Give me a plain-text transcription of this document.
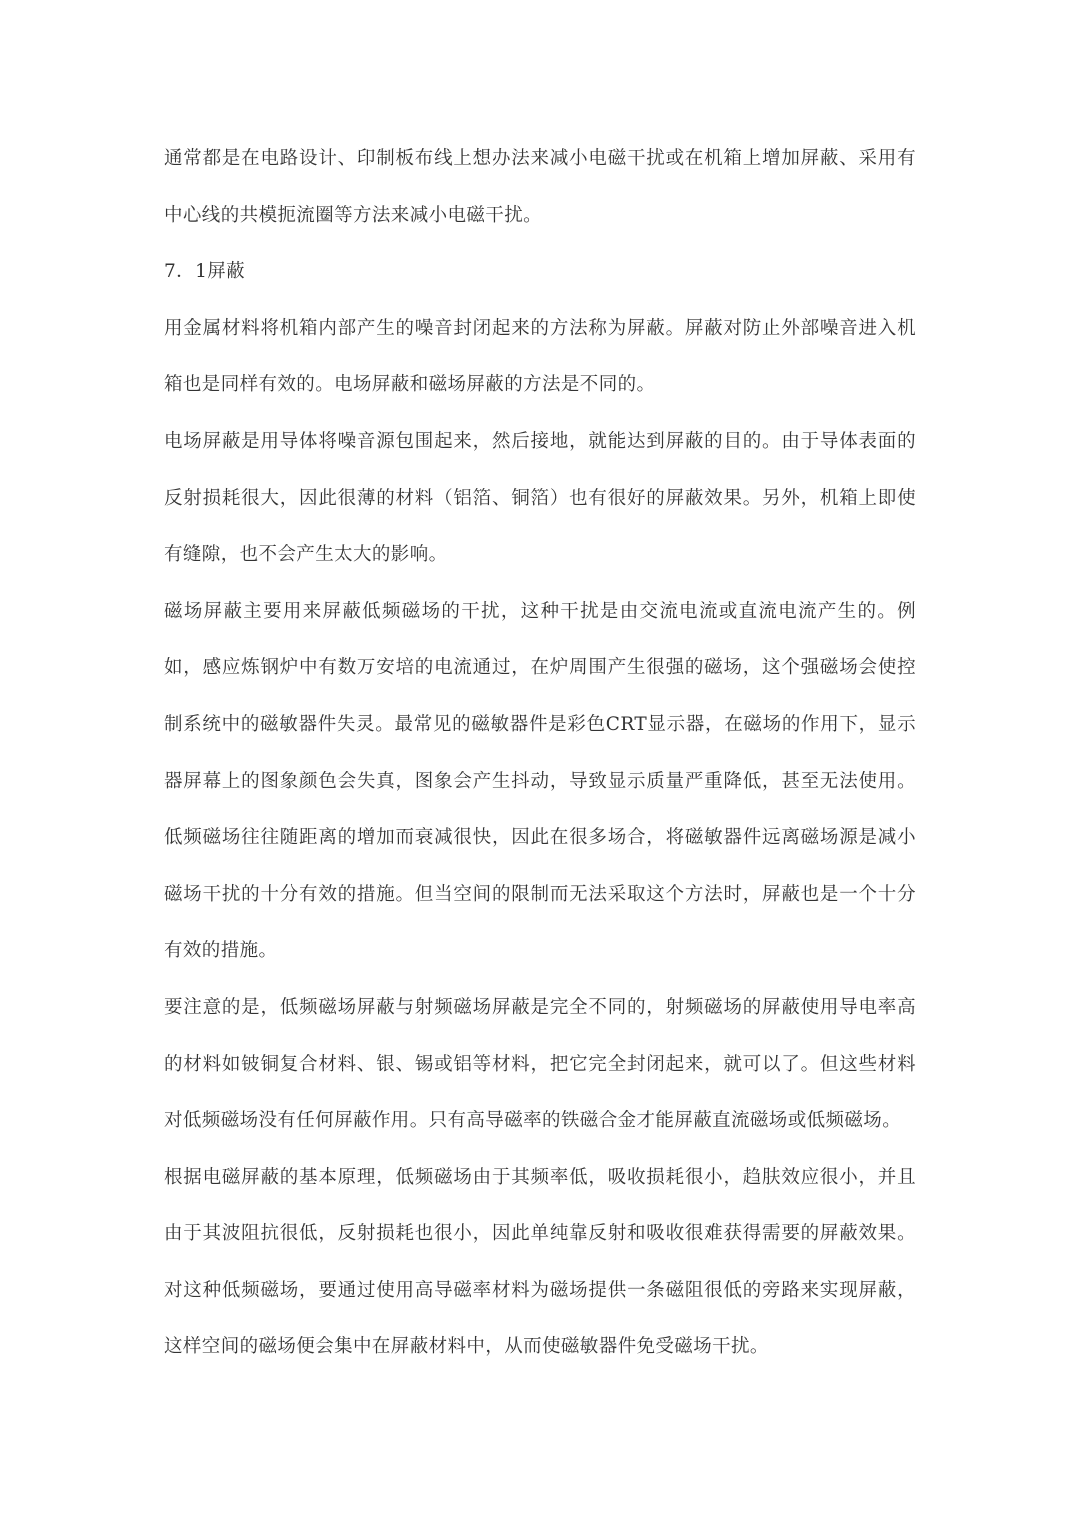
通常都是在电路设计、印制板布线上想办法来减小电磁干扰或在机箱上增加屏蔽、采用有中心线的共模扼流圈等方法来减小电磁干扰。

7．1屏蔽

用金属材料将机箱内部产生的噪音封闭起来的方法称为屏蔽。屏蔽对防止外部噪音进入机箱也是同样有效的。电场屏蔽和磁场屏蔽的方法是不同的。

电场屏蔽是用导体将噪音源包围起来，然后接地，就能达到屏蔽的目的。由于导体表面的反射损耗很大，因此很薄的材料（铝箔、铜箔）也有很好的屏蔽效果。另外，机箱上即使有缝隙，也不会产生太大的影响。

磁场屏蔽主要用来屏蔽低频磁场的干扰，这种干扰是由交流电流或直流电流产生的。例如，感应炼钢炉中有数万安培的电流通过，在炉周围产生很强的磁场，这个强磁场会使控制系统中的磁敏器件失灵。最常见的磁敏器件是彩色CRT显示器，在磁场的作用下，显示器屏幕上的图象颜色会失真，图象会产生抖动，导致显示质量严重降低，甚至无法使用。低频磁场往往随距离的增加而衰减很快，因此在很多场合，将磁敏器件远离磁场源是减小磁场干扰的十分有效的措施。但当空间的限制而无法采取这个方法时，屏蔽也是一个十分有效的措施。

要注意的是，低频磁场屏蔽与射频磁场屏蔽是完全不同的，射频磁场的屏蔽使用导电率高的材料如铍铜复合材料、银、锡或铝等材料，把它完全封闭起来，就可以了。但这些材料对低频磁场没有任何屏蔽作用。只有高导磁率的铁磁合金才能屏蔽直流磁场或低频磁场。

根据电磁屏蔽的基本原理，低频磁场由于其频率低，吸收损耗很小，趋肤效应很小，并且由于其波阻抗很低，反射损耗也很小，因此单纯靠反射和吸收很难获得需要的屏蔽效果。对这种低频磁场，要通过使用高导磁率材料为磁场提供一条磁阻很低的旁路来实现屏蔽，这样空间的磁场便会集中在屏蔽材料中，从而使磁敏器件免受磁场干扰。
